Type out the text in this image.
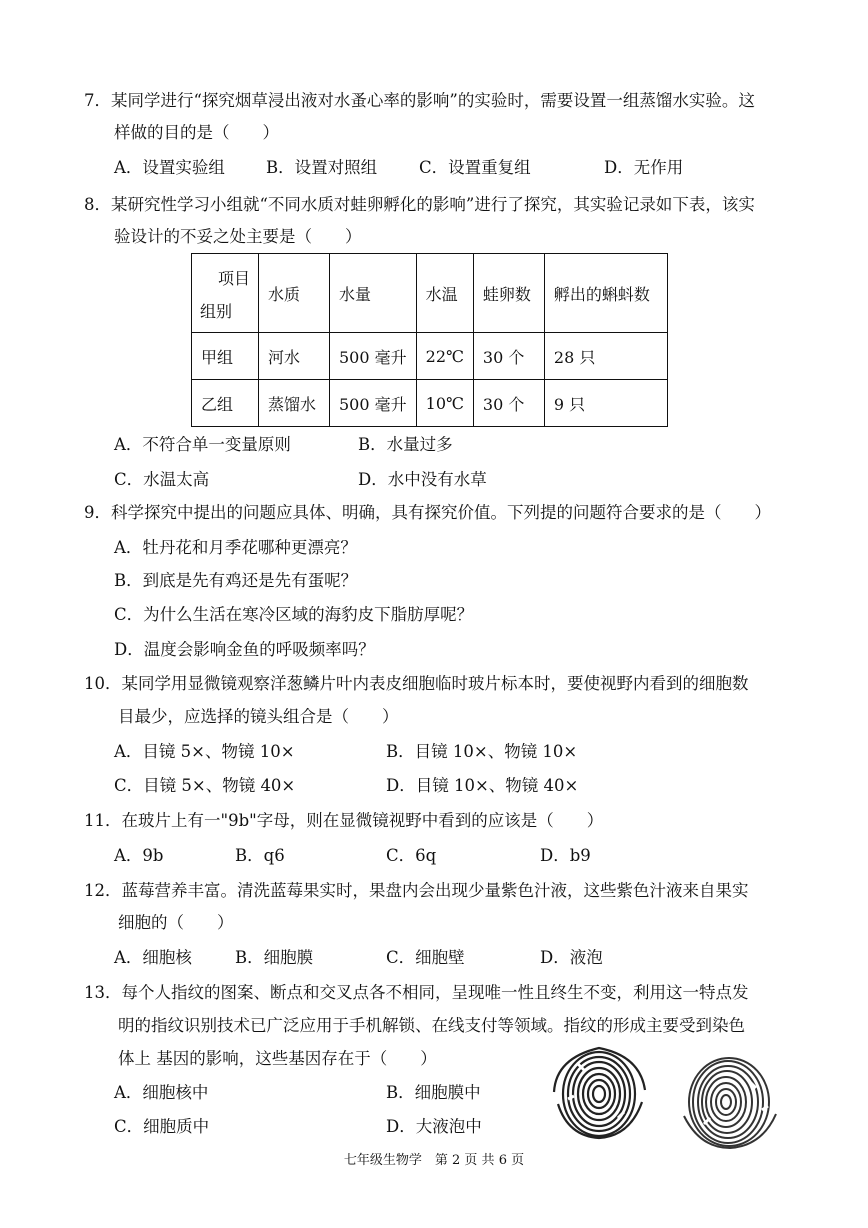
7．某同学进行“探究烟草浸出液对水蚤心率的影响”的实验时，需要设置一组蒸馏水实验。这
样做的目的是（　　）
A．设置实验组 B．设置对照组	C．设置重复组	D．无作用
8．某研究性学习小组就“不同水质对蛙卵孵化的影响”进行了探究，其实验记录如下表，该实
验设计的不妥之处主要是（　　）
项目
组别	水质	水量	水温	蛙卵数	孵出的蝌蚪数
甲组	河水	500 毫升	22℃	30 个	28 只
乙组	蒸馏水	500 毫升	10℃	30 个	9 只
A．不符合单一变量原则	B．水量过多
C．水温太高	D．水中没有水草
9．科学探究中提出的问题应具体、明确，具有探究价值。下列提的问题符合要求的是（　　）
A．牡丹花和月季花哪种更漂亮？
B．到底是先有鸡还是先有蛋呢？
C．为什么生活在寒冷区域的海豹皮下脂肪厚呢？
D．温度会影响金鱼的呼吸频率吗？
10．某同学用显微镜观察洋葱鳞片叶内表皮细胞临时玻片标本时，要使视野内看到的细胞数
目最少，应选择的镜头组合是（　　）
A．目镜 5×、物镜 10×	B．目镜 10×、物镜 10×
C．目镜 5×、物镜 40×	D．目镜 10×、物镜 40×
11．在玻片上有一"9b"字母，则在显微镜视野中看到的应该是（　　）
A．9b	B．q6	C．6q	D．b9
12．蓝莓营养丰富。清洗蓝莓果实时，果盘内会出现少量紫色汁液，这些紫色汁液来自果实
细胞的（　　）
A．细胞核	B．细胞膜	C．细胞壁	D．液泡
13．每个人指纹的图案、断点和交叉点各不相同，呈现唯一性且终生不变，利用这一特点发
明的指纹识别技术已广泛应用于手机解锁、在线支付等领域。指纹的形成主要受到染色
体上 基因的影响，这些基因存在于（　　）
A．细胞核中	B．细胞膜中
C．细胞质中	D．大液泡中
七年级生物学　第 2 页 共 6 页
